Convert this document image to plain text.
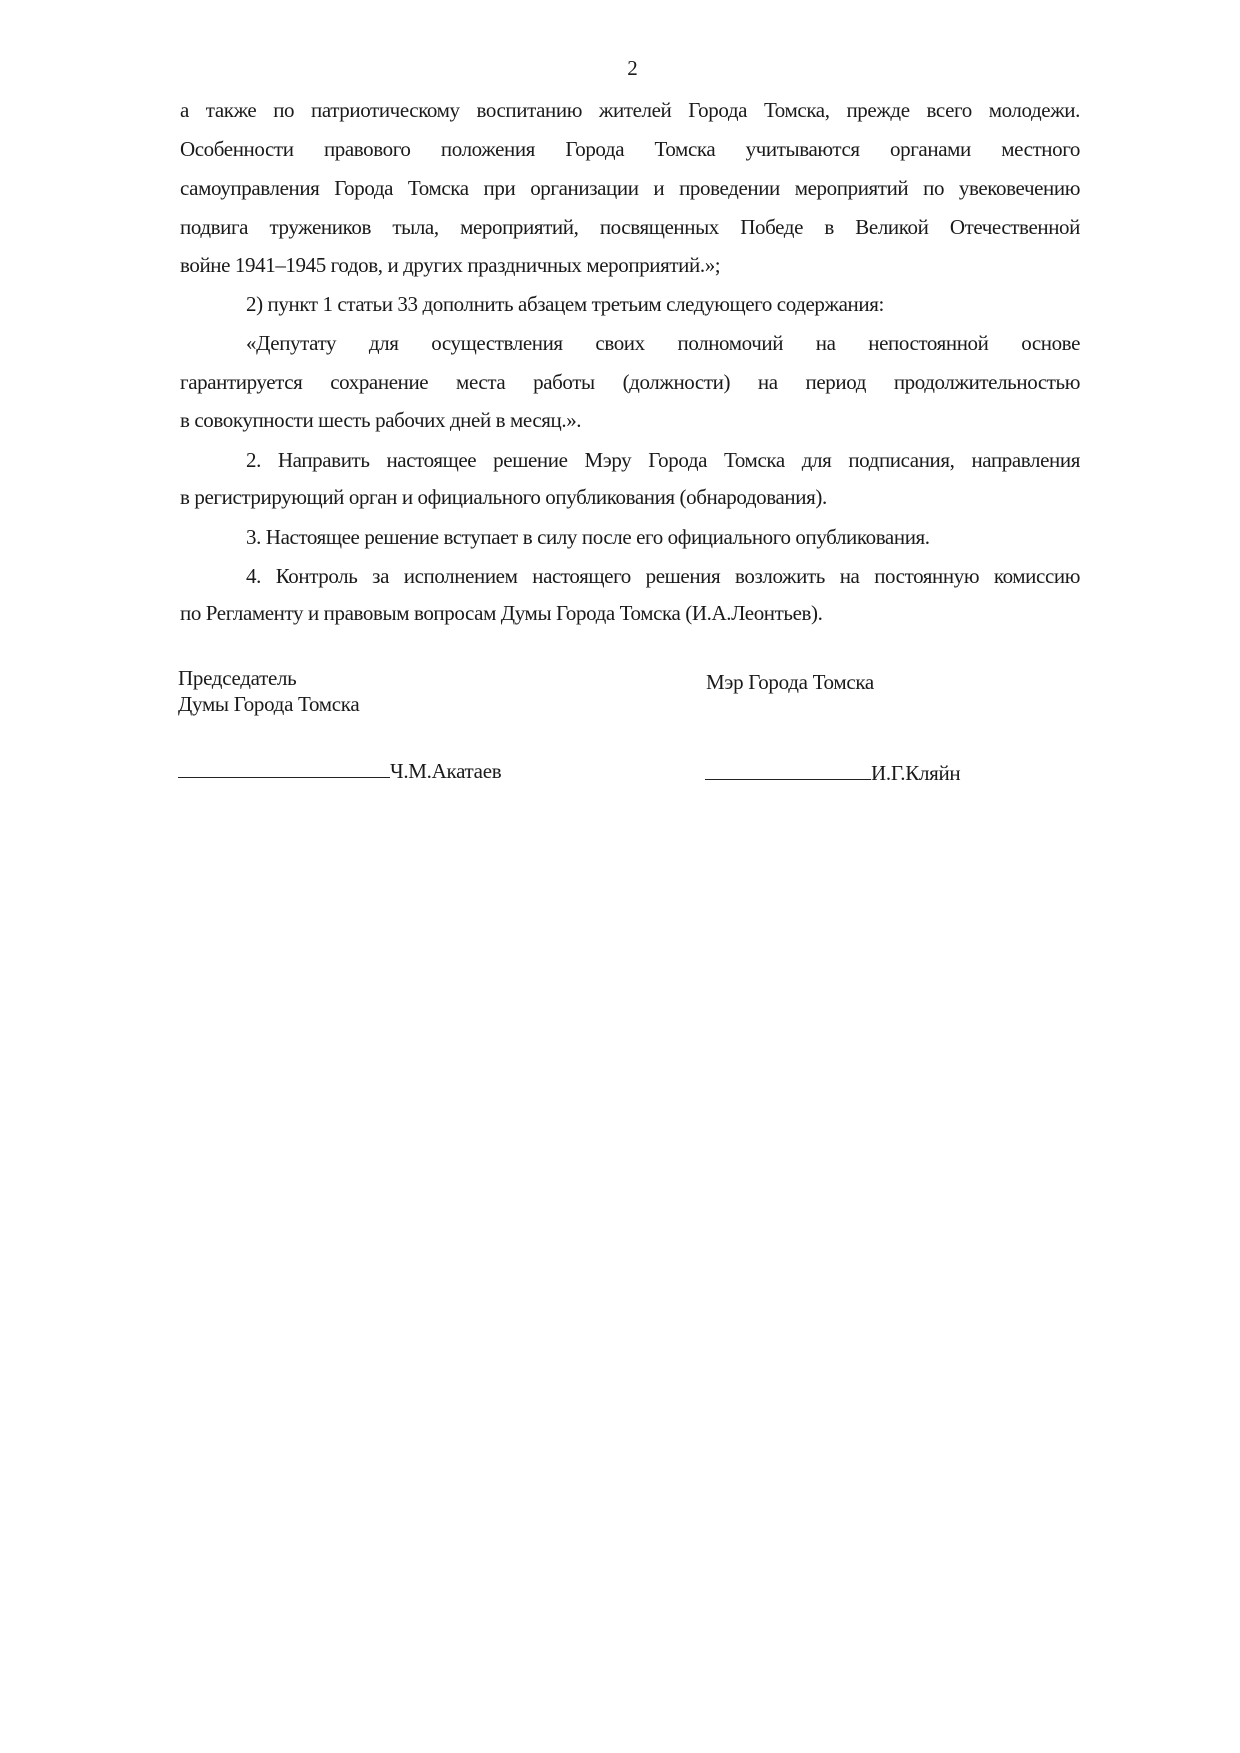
2
а также по патриотическому воспитанию жителей Города Томска, прежде всего молодежи.
Особенности правового положения Города Томска учитываются органами местного
самоуправления Города Томска при организации и проведении мероприятий по увековечению
подвига тружеников тыла, мероприятий, посвященных Победе в Великой Отечественной
войне 1941–1945 годов, и других праздничных мероприятий.»;
2) пункт 1 статьи 33 дополнить абзацем третьим следующего содержания:
«Депутату для осуществления своих полномочий на непостоянной основе
гарантируется сохранение места работы (должности) на период продолжительностью
в совокупности шесть рабочих дней в месяц.».
2. Направить настоящее решение Мэру Города Томска для подписания, направления
в регистрирующий орган и официального опубликования (обнародования).
3. Настоящее решение вступает в силу после его официального опубликования.
4. Контроль за исполнением настоящего решения возложить на постоянную комиссию
по Регламенту и правовым вопросам Думы Города Томска (И.А.Леонтьев).
Председатель
Думы Города Томска
Мэр Города Томска
Ч.М.Акатаев	И.Г.Кляйн
